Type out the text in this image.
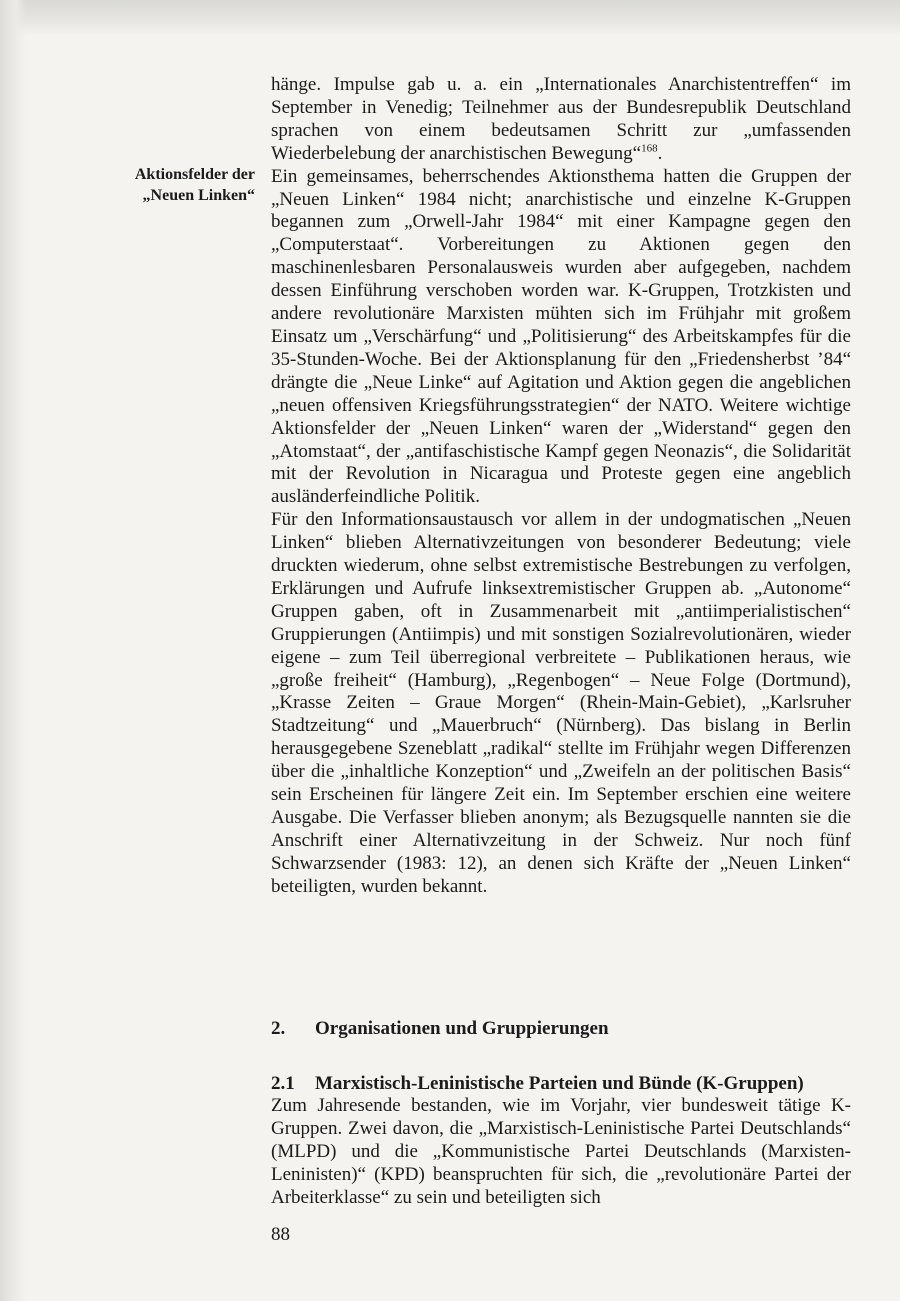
Aktionsfelder der
„Neuen Linken“

hänge. Impulse gab u. a. ein „Internationales Anarchistentreffen“ im September in Venedig; Teilnehmer aus der Bundesrepublik Deutschland sprachen von einem bedeutsamen Schritt zur „umfassenden Wiederbelebung der anarchistischen Bewegung“$^{168}$.

Ein gemeinsames, beherrschendes Aktionsthema hatten die Gruppen der „Neuen Linken“ 1984 nicht; anarchistische und einzelne K-Gruppen begannen zum „Orwell-Jahr 1984“ mit einer Kampagne gegen den „Computerstaat“. Vorbereitungen zu Aktionen gegen den maschinenlesbaren Personalausweis wurden aber aufgegeben, nachdem dessen Einführung verschoben worden war. K-Gruppen, Trotzkisten und andere revolutionäre Marxisten mühten sich im Frühjahr mit großem Einsatz um „Verschärfung“ und „Politisierung“ des Arbeitskampfes für die 35-Stunden-Woche. Bei der Aktionsplanung für den „Friedensherbst ’84“ drängte die „Neue Linke“ auf Agitation und Aktion gegen die angeblichen „neuen offensiven Kriegsführungsstrategien“ der NATO. Weitere wichtige Aktionsfelder der „Neuen Linken“ waren der „Widerstand“ gegen den „Atomstaat“, der „antifaschistische Kampf gegen Neonazis“, die Solidarität mit der Revolution in Nicaragua und Proteste gegen eine angeblich ausländerfeindliche Politik.

Für den Informationsaustausch vor allem in der undogmatischen „Neuen Linken“ blieben Alternativzeitungen von besonderer Bedeutung; viele druckten wiederum, ohne selbst extremistische Bestrebungen zu verfolgen, Erklärungen und Aufrufe linksextremistischer Gruppen ab. „Autonome“ Gruppen gaben, oft in Zusammenarbeit mit „antiimperialistischen“ Gruppierungen (Antiimpis) und mit sonstigen Sozialrevolutionären, wieder eigene – zum Teil überregional verbreitete – Publikationen heraus, wie „große freiheit“ (Hamburg), „Regenbogen“ – Neue Folge (Dortmund), „Krasse Zeiten – Graue Morgen“ (Rhein-Main-Gebiet), „Karlsruher Stadtzeitung“ und „Mauerbruch“ (Nürnberg). Das bislang in Berlin herausgegebene Szeneblatt „radikal“ stellte im Frühjahr wegen Differenzen über die „inhaltliche Konzeption“ und „Zweifeln an der politischen Basis“ sein Erscheinen für längere Zeit ein. Im September erschien eine weitere Ausgabe. Die Verfasser blieben anonym; als Bezugsquelle nannten sie die Anschrift einer Alternativzeitung in der Schweiz. Nur noch fünf Schwarzsender (1983: 12), an denen sich Kräfte der „Neuen Linken“ beteiligten, wurden bekannt.

2. Organisationen und Gruppierungen
2.1 Marxistisch-Leninistische Parteien und Bünde (K-Gruppen)
Zum Jahresende bestanden, wie im Vorjahr, vier bundesweit tätige K-Gruppen. Zwei davon, die „Marxistisch-Leninistische Partei Deutschlands“ (MLPD) und die „Kommunistische Partei Deutschlands (Marxisten-Leninisten)“ (KPD) beanspruchten für sich, die „revolutionäre Partei der Arbeiterklasse“ zu sein und beteiligten sich
88
